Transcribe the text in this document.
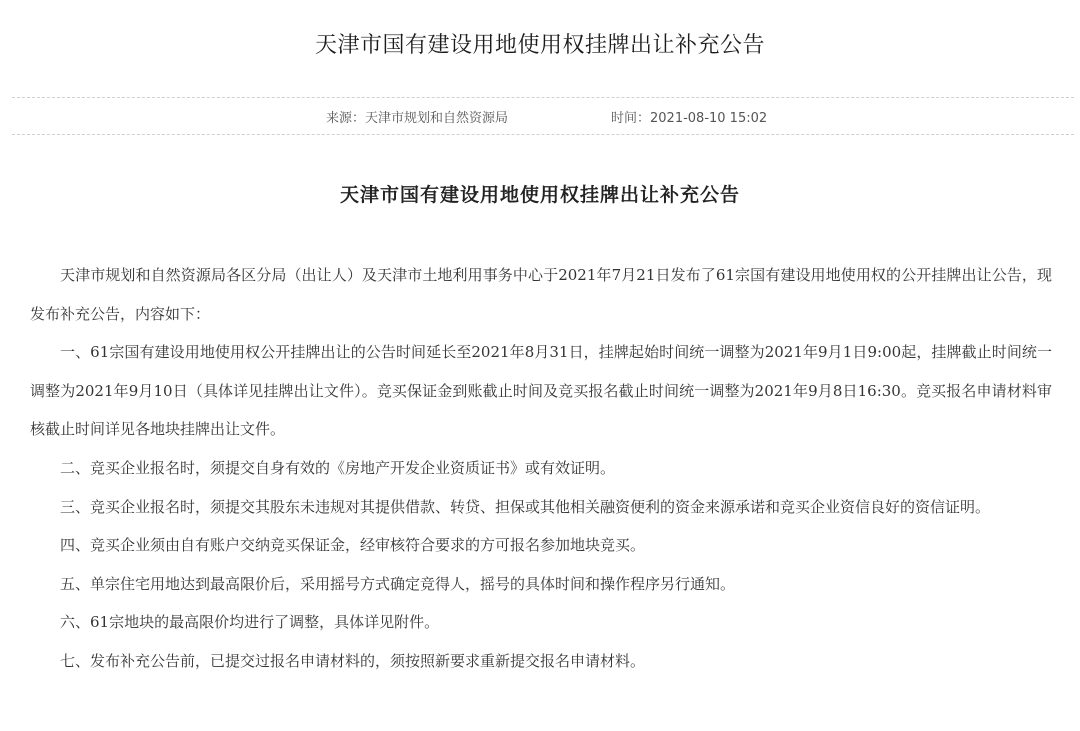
天津市国有建设用地使用权挂牌出让补充公告
来源：天津市规划和自然资源局	时间：2021-08-10 15:02
天津市国有建设用地使用权挂牌出让补充公告

天津市规划和自然资源局各区分局（出让人）及天津市土地利用事务中心于2021年7月21日发布了61宗国有建设用地使用权的公开挂牌出让公告，现发布补充公告，内容如下：

一、61宗国有建设用地使用权公开挂牌出让的公告时间延长至2021年8月31日，挂牌起始时间统一调整为2021年9月1日9:00起，挂牌截止时间统一调整为2021年9月10日（具体详见挂牌出让文件）。竞买保证金到账截止时间及竞买报名截止时间统一调整为2021年9月8日16:30。竞买报名申请材料审核截止时间详见各地块挂牌出让文件。

二、竞买企业报名时，须提交自身有效的《房地产开发企业资质证书》或有效证明。

三、竞买企业报名时，须提交其股东未违规对其提供借款、转贷、担保或其他相关融资便利的资金来源承诺和竞买企业资信良好的资信证明。

四、竞买企业须由自有账户交纳竞买保证金，经审核符合要求的方可报名参加地块竞买。

五、单宗住宅用地达到最高限价后，采用摇号方式确定竞得人，摇号的具体时间和操作程序另行通知。

六、61宗地块的最高限价均进行了调整，具体详见附件。

七、发布补充公告前，已提交过报名申请材料的，须按照新要求重新提交报名申请材料。
